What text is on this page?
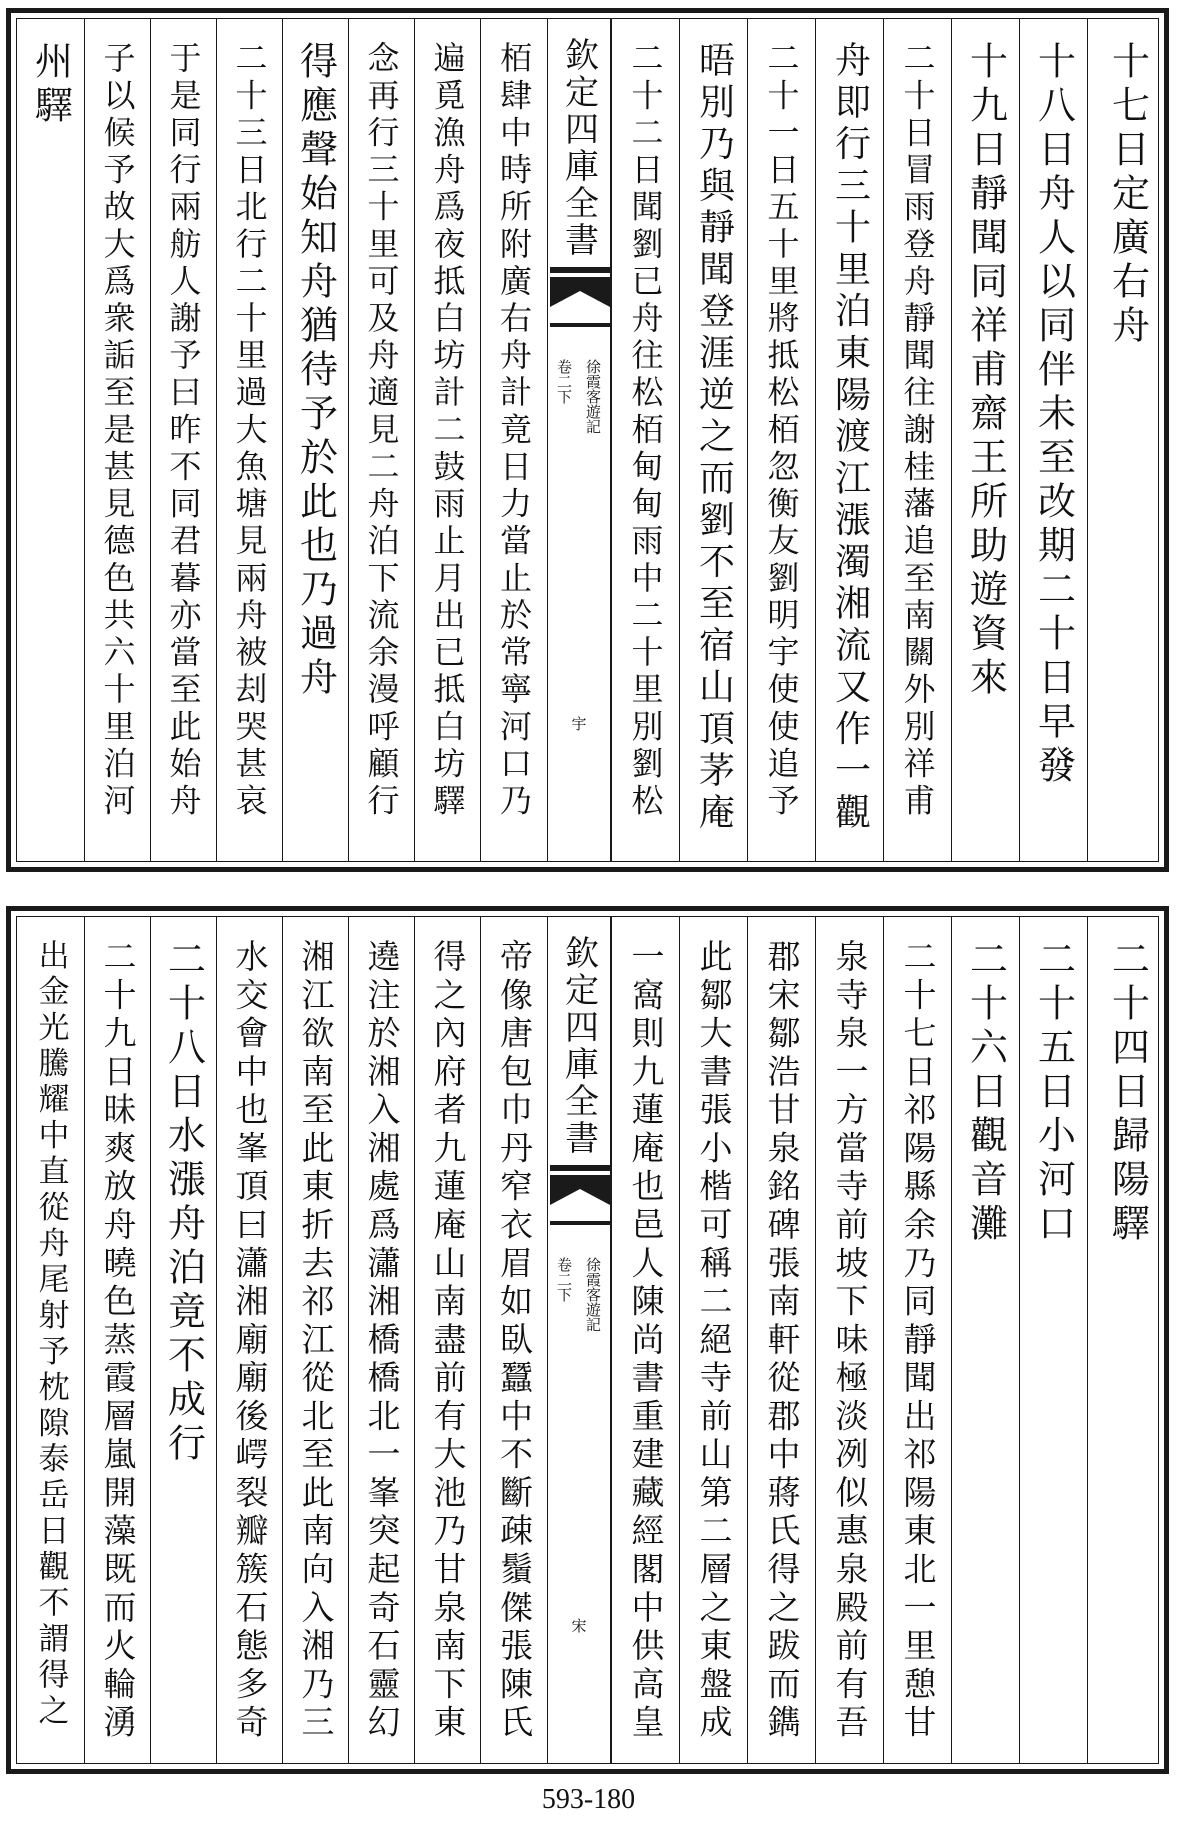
州驛 子以候予故大爲衆詬至是甚見德色共六十里泊河 于是同行兩舫人謝予曰昨不同君暮亦當至此始舟 二十三日北行二十里過大魚塘見兩舟被刦哭甚哀 得應聲始知舟猶待予於此也乃過舟 念再行三十里可及舟適見二舟泊下流余漫呼顧行 遍覓漁舟爲夜抵白坊計二鼓雨止月出已抵白坊驛 栢肆中時所附廣右舟計竟日力當止於常寧河口乃 欽定四庫全書
徐霞客遊記
卷二下
宇 二十二日聞劉已舟往松栢甸甸雨中二十里別劉松 晤別乃與靜聞登涯逆之而劉不至宿山頂茅庵 二十一日五十里將抵松栢忽衡友劉明宇使使追予 舟即行三十里泊東陽渡江漲濁湘流又作一觀 二十日冒雨登舟靜聞往謝桂藩追至南關外別祥甫 十九日靜聞同祥甫齋王所助遊資來 十八日舟人以同伴未至改期二十日早發 十七日定廣右舟
出金光騰耀中直從舟尾射予枕隙泰岳日觀不謂得之 二十九日昧爽放舟曉色蒸霞層嵐開藻既而火輪湧 二十八日水漲舟泊竟不成行 水交會中也峯頂曰瀟湘廟廟後崿裂瓣簇石態多奇 湘江欲南至此東折去祁江從北至此南向入湘乃三 遶注於湘入湘處爲瀟湘橋橋北一峯突起奇石靈幻 得之內府者九蓮庵山南盡前有大池乃甘泉南下東 帝像唐包巾丹窄衣眉如臥蠶中不斷疎鬚傑張陳氏 欽定四庫全書
徐霞客遊記
卷二下
宋 一窩則九蓮庵也邑人陳尚書重建藏經閣中供高皇 此鄒大書張小楷可稱二絕寺前山第二層之東盤成 郡宋鄒浩甘泉銘碑張南軒從郡中蔣氏得之跋而鐫 泉寺泉一方當寺前坡下味極淡冽似惠泉殿前有吾 二十七日祁陽縣余乃同靜聞出祁陽東北一里憩甘 二十六日觀音灘 二十五日小河口 二十四日歸陽驛
593-180
